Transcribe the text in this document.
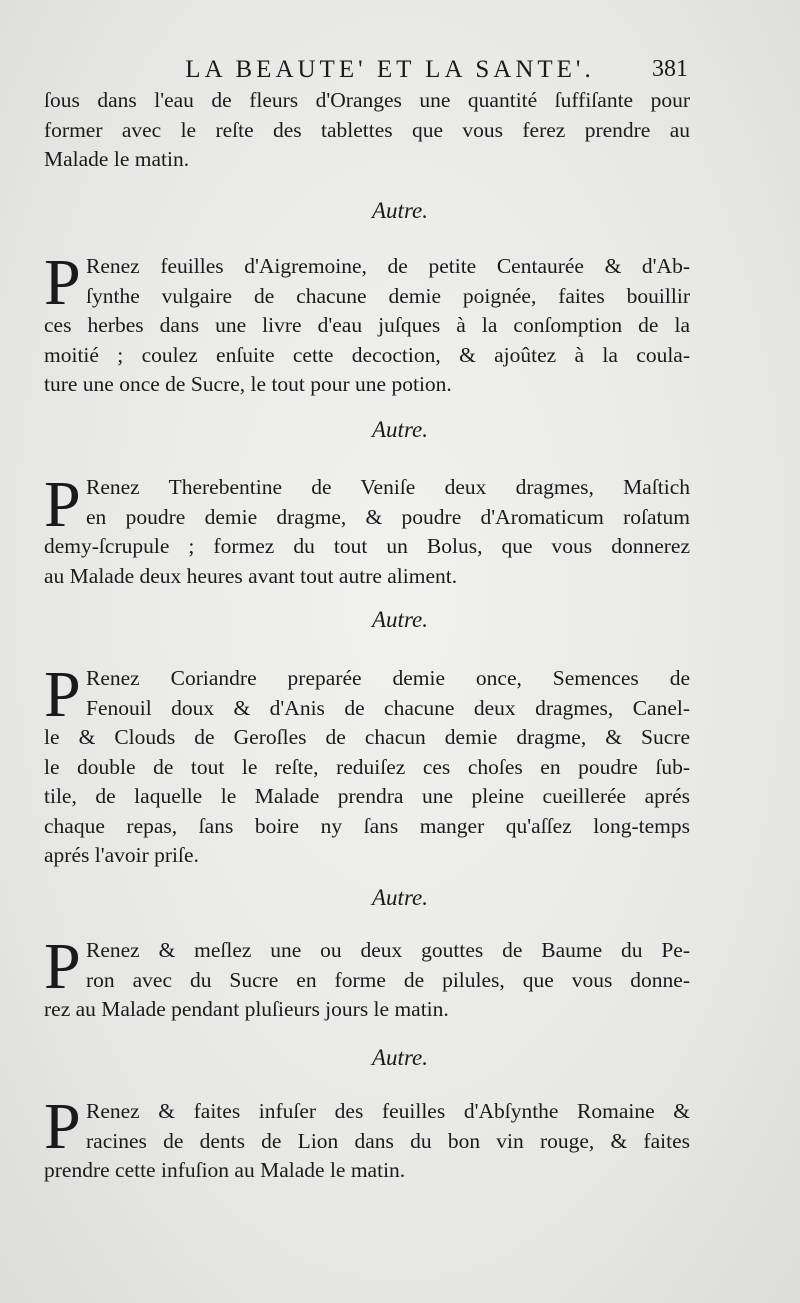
LA BEAUTE' ET LA SANTE'.	381
ſous dans l'eau de fleurs d'Oranges une quantité ſuffiſante pour
former avec le reſte des tablettes que vous ferez prendre au
Malade le matin.
Autre.
P Renez feuilles d'Aigremoine, de petite Centaurée & d'Ab-
ſynthe vulgaire de chacune demie poignée, faites bouillir
ces herbes dans une livre d'eau juſques à la conſomption de la
moitié ; coulez enſuite cette decoction, & ajoûtez à la coula-
ture une once de Sucre, le tout pour une potion.
Autre.
P Renez Therebentine de Veniſe deux dragmes, Maſtich
en poudre demie dragme, & poudre d'Aromaticum roſatum
demy-ſcrupule ; formez du tout un Bolus, que vous donnerez
au Malade deux heures avant tout autre aliment.
Autre.
P Renez Coriandre preparée demie once, Semences de
Fenouil doux & d'Anis de chacune deux dragmes, Canel-
le & Clouds de Geroſles de chacun demie dragme, & Sucre
le double de tout le reſte, reduiſez ces choſes en poudre ſub-
tile, de laquelle le Malade prendra une pleine cueillerée aprés
chaque repas, ſans boire ny ſans manger qu'aſſez long-temps
aprés l'avoir priſe.
Autre.
P Renez & meſlez une ou deux gouttes de Baume du Pe-
ron avec du Sucre en forme de pilules, que vous donne-
rez au Malade pendant pluſieurs jours le matin.
Autre.
P Renez & faites infuſer des feuilles d'Abſynthe Romaine &
racines de dents de Lion dans du bon vin rouge, & faites
prendre cette infuſion au Malade le matin.
